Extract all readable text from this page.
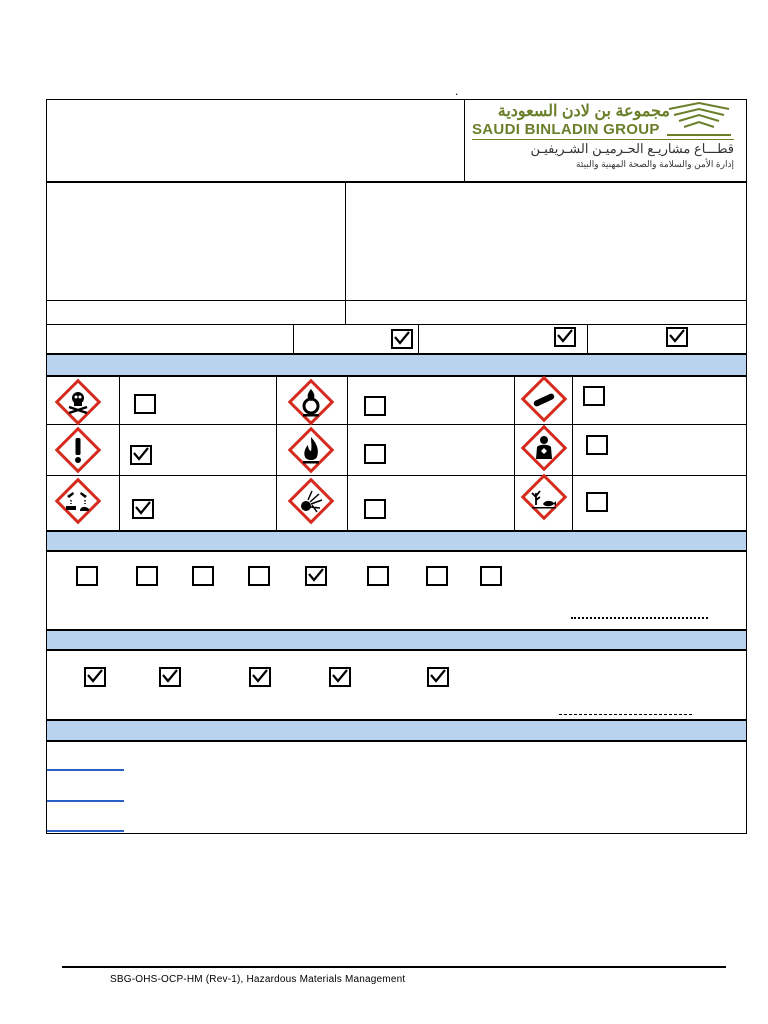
.
مجموعة بن لادن السعودية
SAUDI BINLADIN GROUP
قطـــاع مشاريـع الحـرميـن الشـريفيـن
إدارة الأمن والسلامة والصحة المهنية والبيئة
SBG-OHS-OCP-HM (Rev-1), Hazardous Materials Management
